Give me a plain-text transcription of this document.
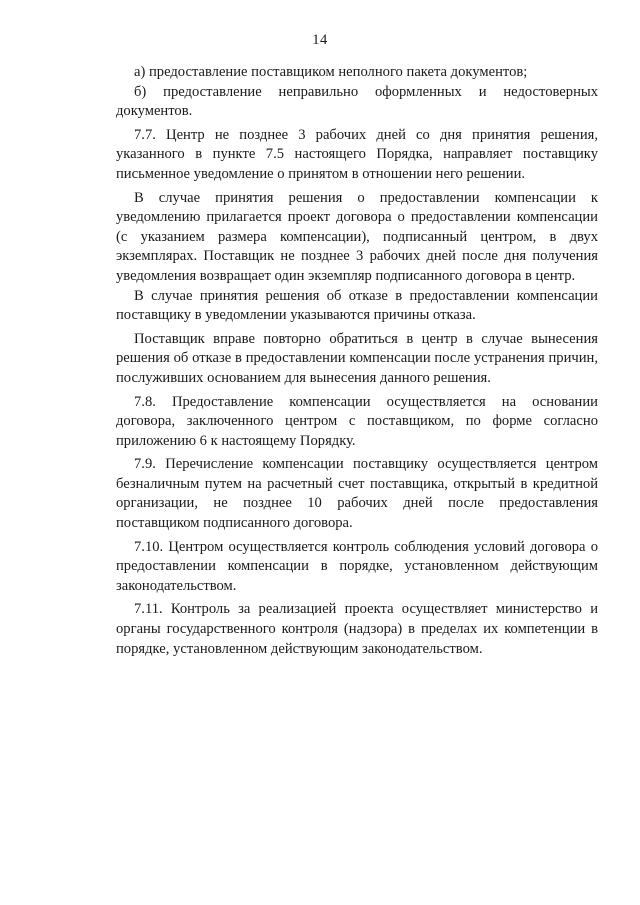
14

а) предоставление поставщиком неполного пакета документов;

б) предоставление неправильно оформленных и недостоверных документов.

7.7. Центр не позднее 3 рабочих дней со дня принятия решения, указанного в пункте 7.5 настоящего Порядка, направляет поставщику письменное уведомление о принятом в отношении него решении.

В случае принятия решения о предоставлении компенсации к уведомлению прилагается проект договора о предоставлении компенсации (с указанием размера компенсации), подписанный центром, в двух экземплярах. Поставщик не позднее 3 рабочих дней после дня получения уведомления возвращает один экземпляр подписанного договора в центр.

В случае принятия решения об отказе в предоставлении компенсации поставщику в уведомлении указываются причины отказа.

Поставщик вправе повторно обратиться в центр в случае вынесения решения об отказе в предоставлении компенсации после устранения причин, послуживших основанием для вынесения данного решения.

7.8. Предоставление компенсации осуществляется на основании договора, заключенного центром с поставщиком, по форме согласно приложению 6 к настоящему Порядку.

7.9. Перечисление компенсации поставщику осуществляется центром безналичным путем на расчетный счет поставщика, открытый в кредитной организации, не позднее 10 рабочих дней после предоставления поставщиком подписанного договора.

7.10. Центром осуществляется контроль соблюдения условий договора о предоставлении компенсации в порядке, установленном действующим законодательством.

7.11. Контроль за реализацией проекта осуществляет министерство и органы государственного контроля (надзора) в пределах их компетенции в порядке, установленном действующим законодательством.
